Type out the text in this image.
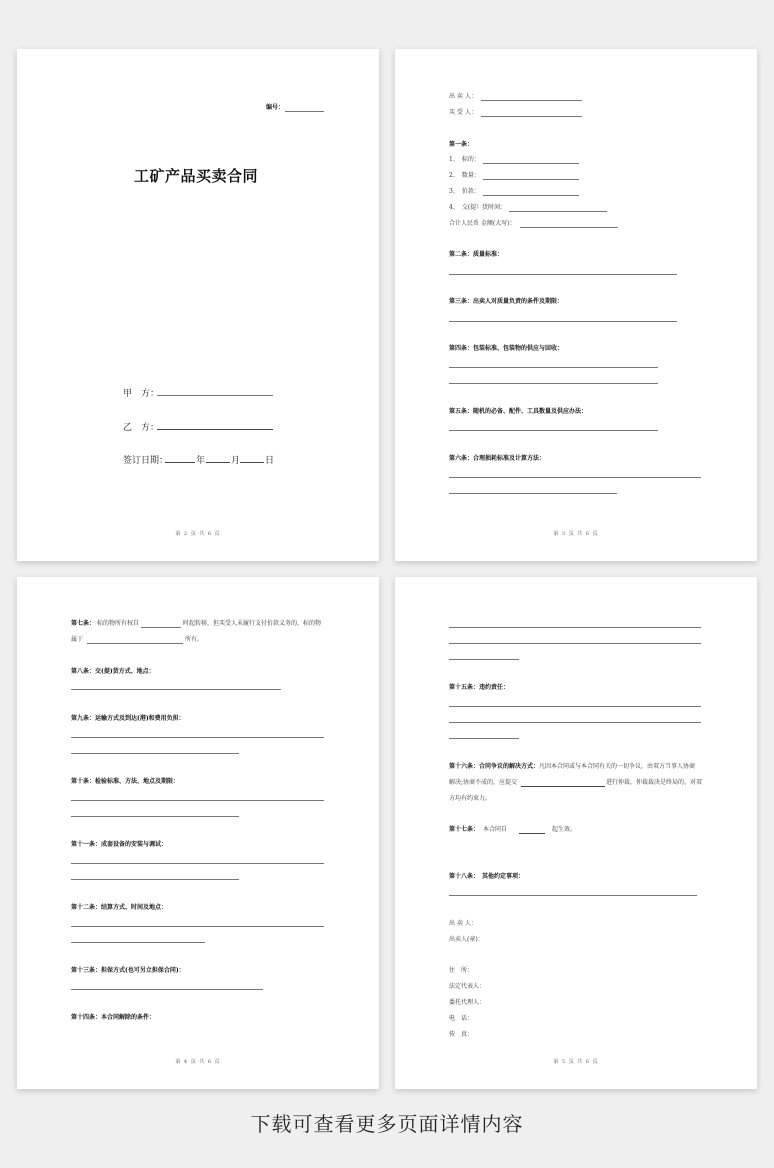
编号：
工矿产品买卖合同
甲　方：
乙　方：
签订日期：	年	月	日
第 2 页 共 6 页

出 卖 人：
买 受 人：
第一条：
1、　标的：
2、　数量：
3、　价款：
4、　交(提）货时间：
合计人民币 金额(大写)：
第二条：质量标准：
第三条：出卖人对质量负责的条件及期限：
第四条：包装标准、包装物的供应与回收：
第五条：随机的必备、配件、工具数量及供应办法：
第六条：合理损耗标准及计算方法：
第 3 页 共 6 页

第七条： 标的物所有权自	时起转移，但买受人未履行支付价款义务的，标的物
属于	所有。
第八条：交(提)货方式、地点：
第九条：运输方式及到达(港)和费用负担：
第十条：检验标准、方法、地点及期限：
第十一条：成套设备的安装与调试：
第十二条：结算方式、时间及地点：
第十三条：担保方式(也可另立担保合同)：
第十四条：本合同解除的条件：
第 4 页 共 6 页

第十五条：违约责任：
第十六条：合同争议的解决方式： 凡因本合同或与本合同有关的一切争议，由双方当事人协商
解决;协商不成的，应提交	进行仲裁。仲裁裁决是终局的，对双
方均有约束力。
第十七条： 本合同自	起生效。
第十八条：　其他约定事项：
出 卖 人：
出卖人(章)：
住　所：
法定代表人：
委托代理人：
电　话：
传　真：
第 5 页 共 6 页
下载可查看更多页面详情内容
